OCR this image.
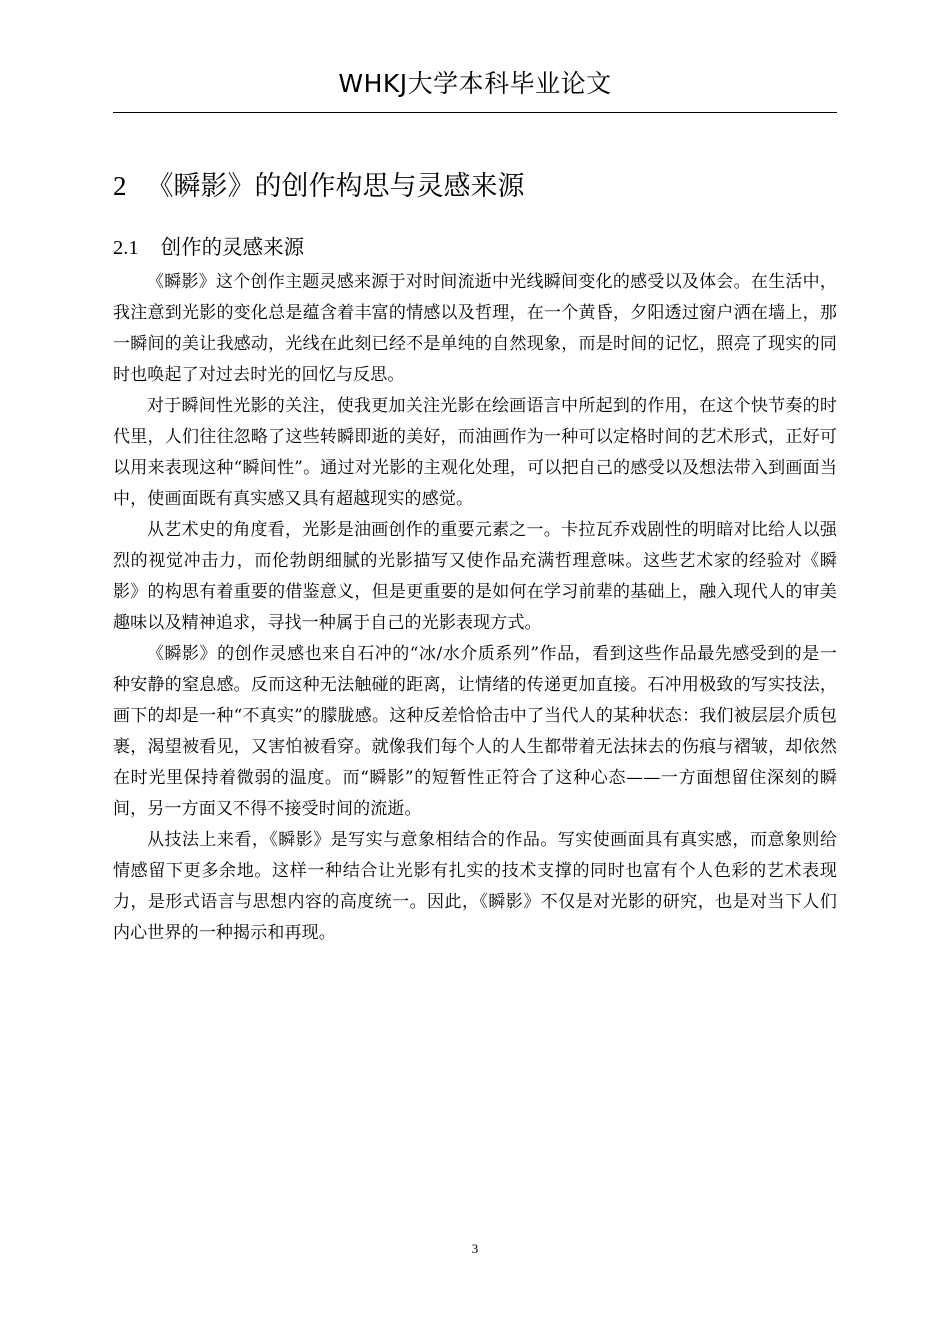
WHKJ大学本科毕业论文
2 《瞬影》的创作构思与灵感来源
2.1 创作的灵感来源

《瞬影》这个创作主题灵感来源于对时间流逝中光线瞬间变化的感受以及体会。在生活中，我注意到光影的变化总是蕴含着丰富的情感以及哲理，在一个黄昏，夕阳透过窗户洒在墙上，那一瞬间的美让我感动，光线在此刻已经不是单纯的自然现象，而是时间的记忆，照亮了现实的同时也唤起了对过去时光的回忆与反思。

对于瞬间性光影的关注，使我更加关注光影在绘画语言中所起到的作用，在这个快节奏的时代里，人们往往忽略了这些转瞬即逝的美好，而油画作为一种可以定格时间的艺术形式，正好可以用来表现这种“瞬间性”。通过对光影的主观化处理，可以把自己的感受以及想法带入到画面当中，使画面既有真实感又具有超越现实的感觉。

从艺术史的角度看，光影是油画创作的重要元素之一。卡拉瓦乔戏剧性的明暗对比给人以强烈的视觉冲击力，而伦勃朗细腻的光影描写又使作品充满哲理意味。这些艺术家的经验对《瞬影》的构思有着重要的借鉴意义，但是更重要的是如何在学习前辈的基础上，融入现代人的审美趣味以及精神追求，寻找一种属于自己的光影表现方式。

《瞬影》的创作灵感也来自石冲的“冰/水介质系列”作品，看到这些作品最先感受到的是一种安静的窒息感。反而这种无法触碰的距离，让情绪的传递更加直接。石冲用极致的写实技法，画下的却是一种“不真实”的朦胧感。这种反差恰恰击中了当代人的某种状态：我们被层层介质包裹，渴望被看见，又害怕被看穿。就像我们每个人的人生都带着无法抹去的伤痕与褶皱，却依然在时光里保持着微弱的温度。而“瞬影”的短暂性正符合了这种心态——一方面想留住深刻的瞬间，另一方面又不得不接受时间的流逝。

从技法上来看，《瞬影》是写实与意象相结合的作品。写实使画面具有真实感，而意象则给情感留下更多余地。这样一种结合让光影有扎实的技术支撑的同时也富有个人色彩的艺术表现力，是形式语言与思想内容的高度统一。因此，《瞬影》不仅是对光影的研究，也是对当下人们内心世界的一种揭示和再现。

3
